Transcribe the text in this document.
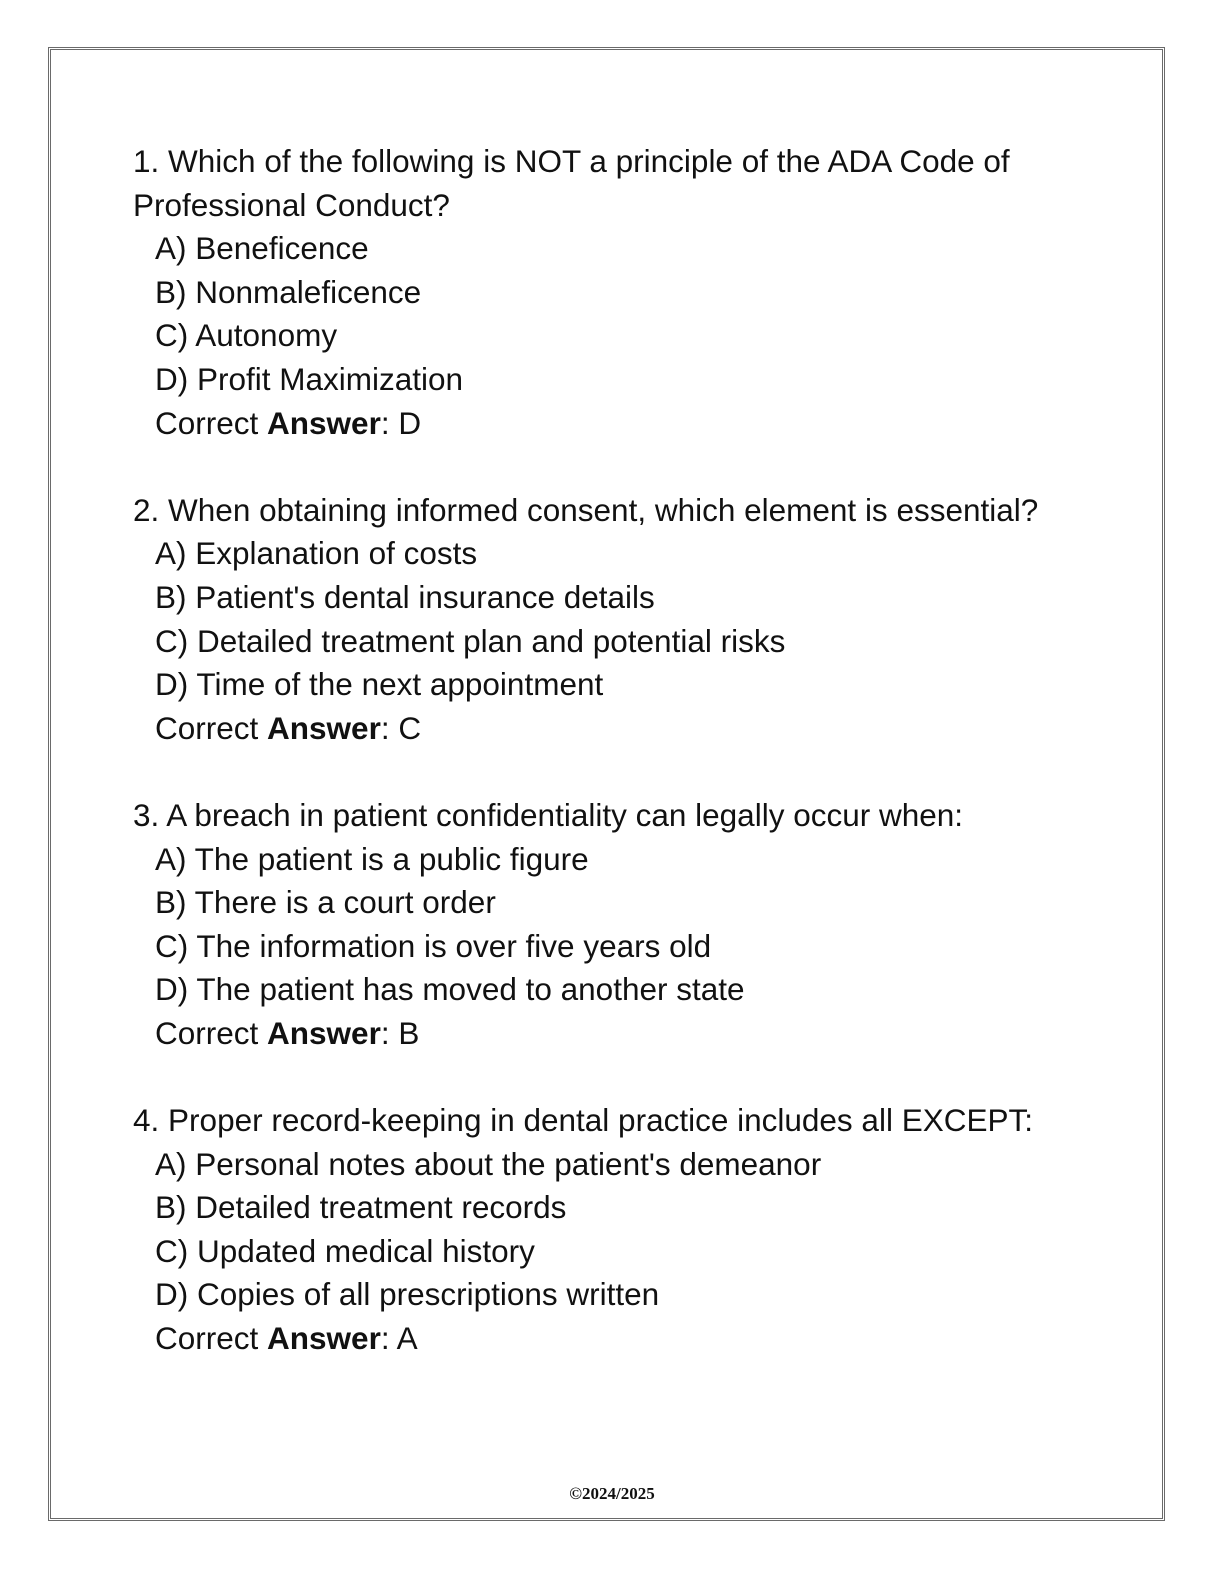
1. Which of the following is NOT a principle of the ADA Code of Professional Conduct?

A) Beneficence

B) Nonmaleficence

C) Autonomy

D) Profit Maximization

Correct Answer: D

2. When obtaining informed consent, which element is essential?

A) Explanation of costs

B) Patient's dental insurance details

C) Detailed treatment plan and potential risks

D) Time of the next appointment

Correct Answer: C

3. A breach in patient confidentiality can legally occur when:

A) The patient is a public figure

B) There is a court order

C) The information is over five years old

D) The patient has moved to another state

Correct Answer: B

4. Proper record-keeping in dental practice includes all EXCEPT:

A) Personal notes about the patient's demeanor

B) Detailed treatment records

C) Updated medical history

D) Copies of all prescriptions written

Correct Answer: A

©2024/2025
